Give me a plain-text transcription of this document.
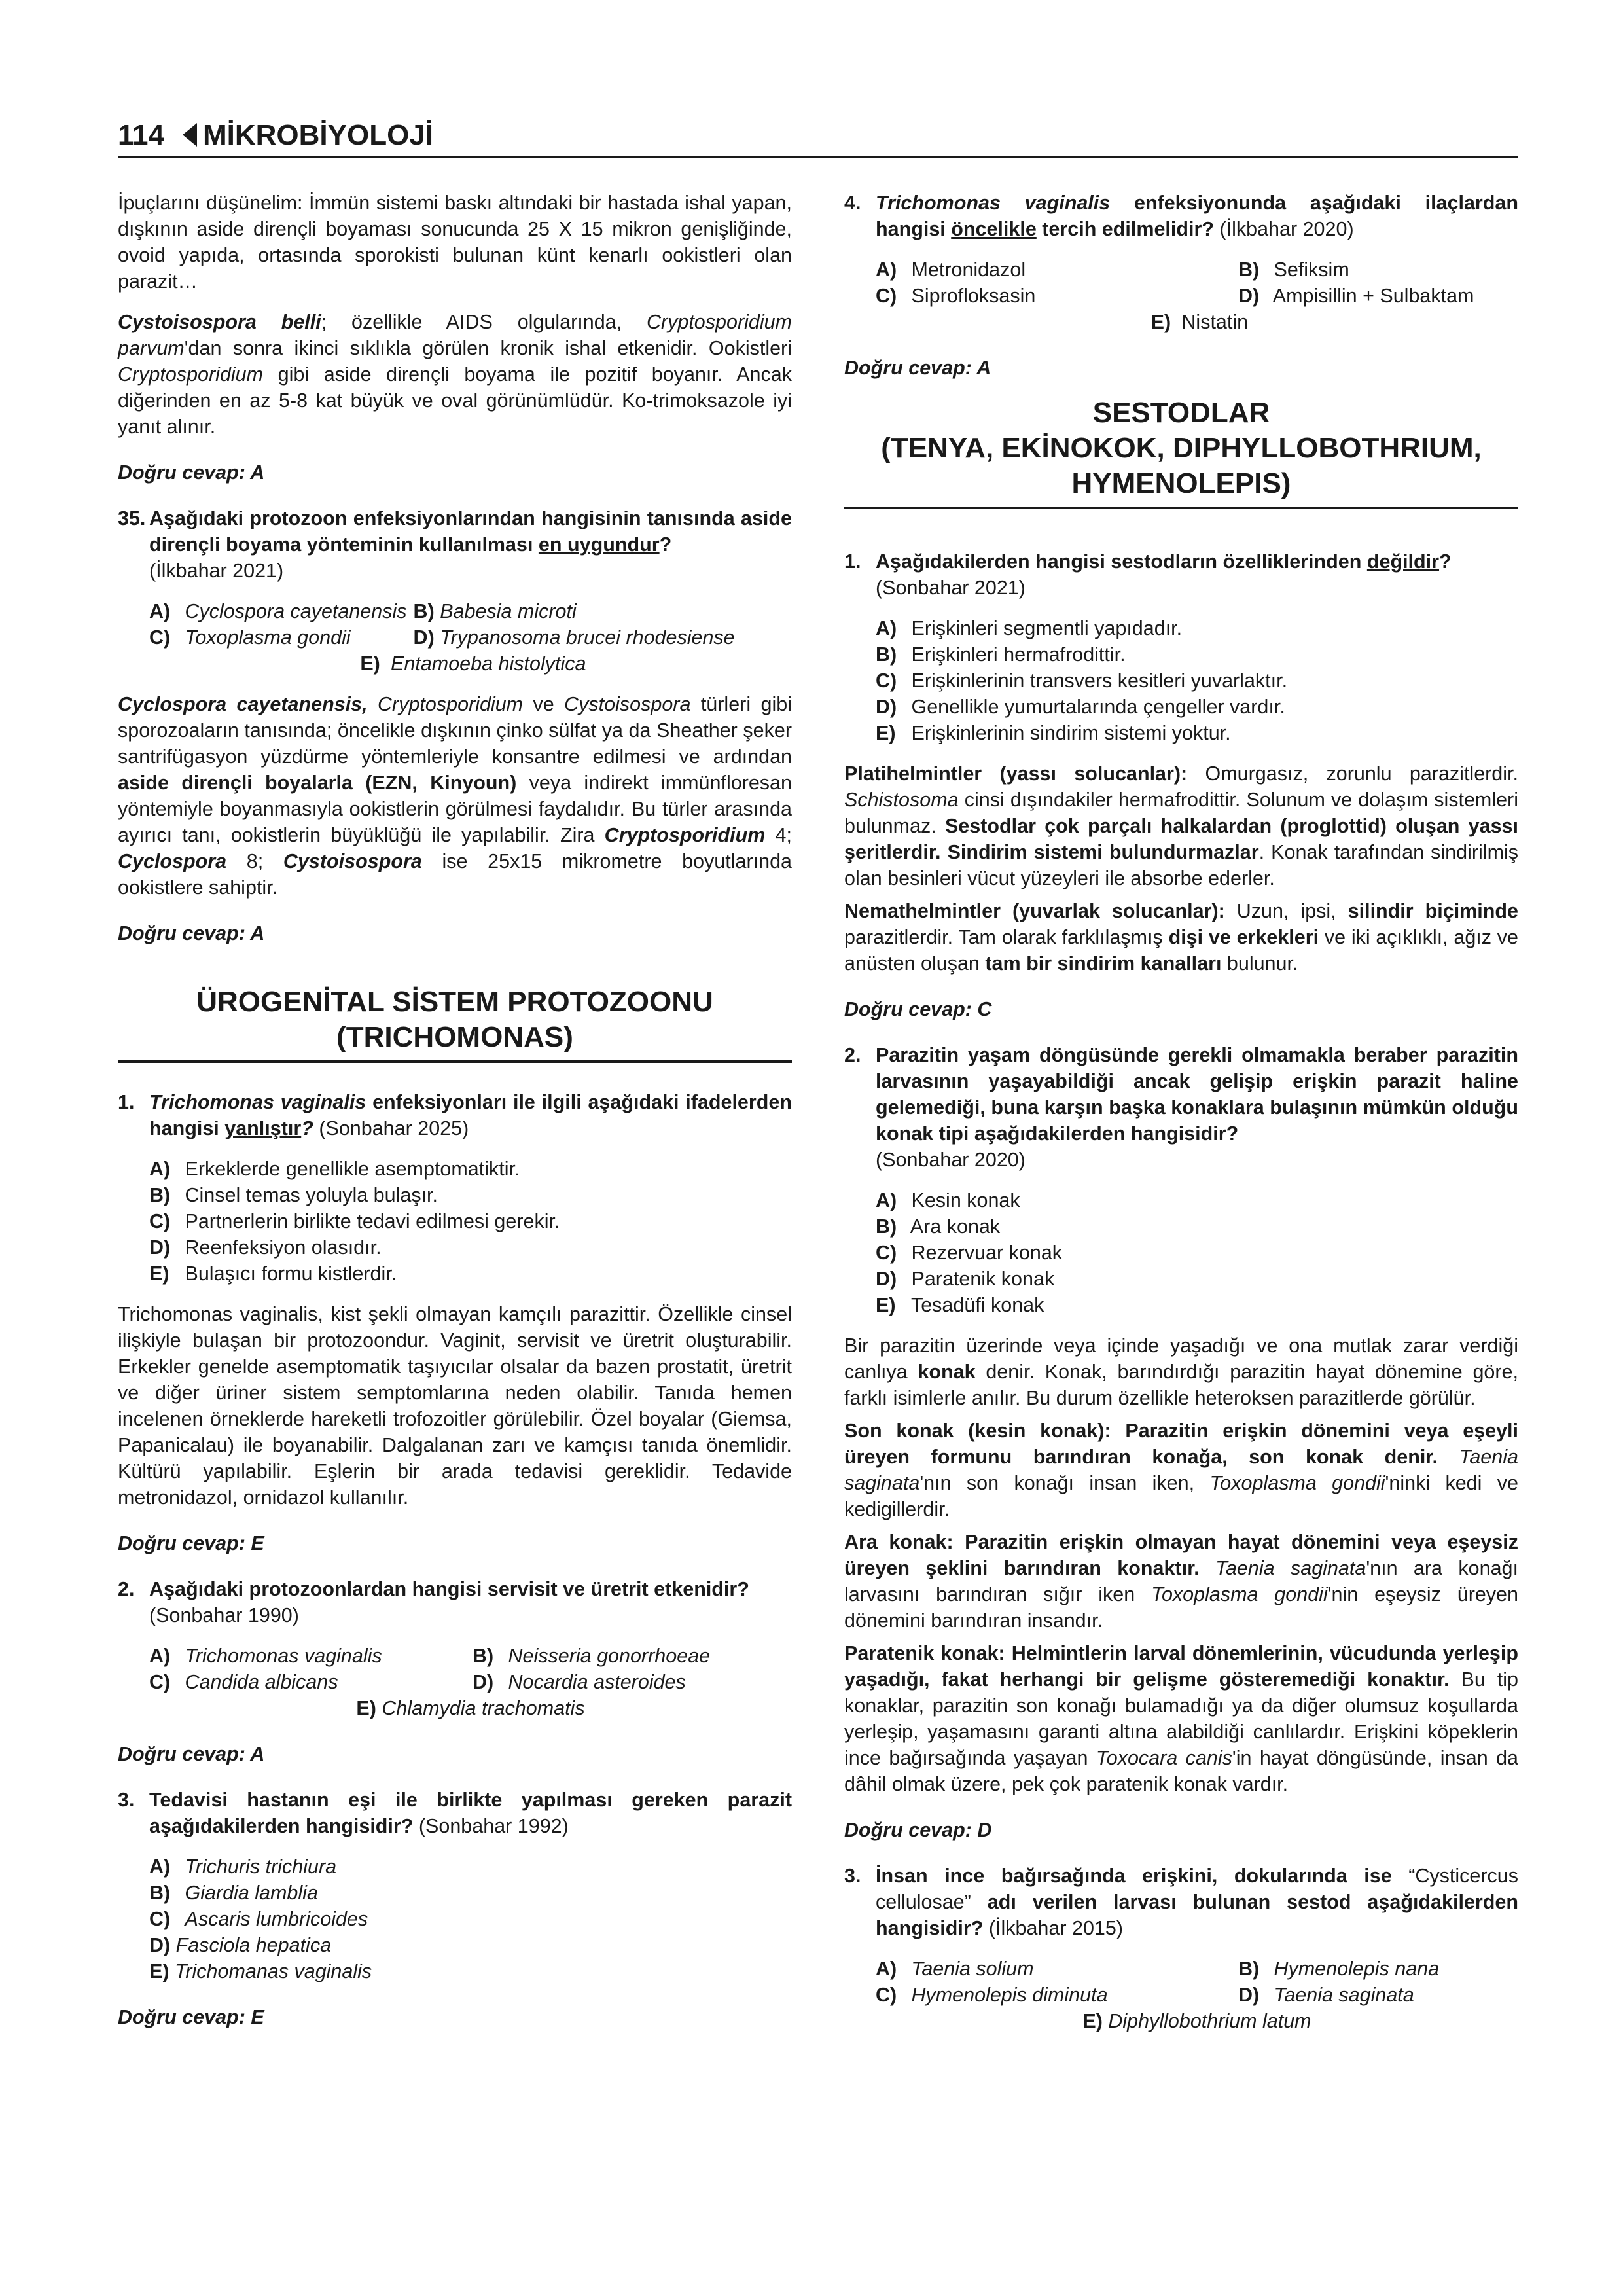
114 MİKROBİYOLOJİ

İpuçlarını düşünelim: İmmün sistemi baskı altındaki bir hastada ishal yapan, dışkının aside dirençli boyaması sonucunda 25 X 15 mikron genişliğinde, ovoid yapıda, ortasında sporokisti bulunan künt kenarlı ookistleri olan parazit…

Cystoisospora belli; özellikle AIDS olgularında, Cryptosporidium parvum'dan sonra ikinci sıklıkla görülen kronik ishal etkenidir. Ookistleri Cryptosporidium gibi aside dirençli boyama ile pozitif boyanır. Ancak diğerinden en az 5-8 kat büyük ve oval görünümlüdür. Ko-trimoksazole iyi yanıt alınır.

Doğru cevap: A

35. Aşağıdaki protozoon enfeksiyonlarından hangisinin tanısında aside dirençli boyama yönteminin kullanılması en uygundur?
(İlkbahar 2021)
A) Cyclospora cayetanensis B) Babesia microti
C) Toxoplasma gondii	D) Trypanosoma brucei rhodesiense
E) Entamoeba histolytica

Cyclospora cayetanensis, Cryptosporidium ve Cystoisospora türleri gibi sporozoaların tanısında; öncelikle dışkının çinko sülfat ya da Sheather şeker santrifügasyon yüzdürme yöntemleriyle konsantre edilmesi ve ardından aside dirençli boyalarla (EZN, Kinyoun) veya indirekt immünfloresan yöntemiyle boyanmasıyla ookistlerin görülmesi faydalıdır. Bu türler arasında ayırıcı tanı, ookistlerin büyüklüğü ile yapılabilir. Zira Cryptosporidium 4; Cyclospora 8; Cystoisospora ise 25x15 mikrometre boyutlarında ookistlere sahiptir.

Doğru cevap: A

ÜROGENİTAL SİSTEM PROTOZOONU
(TRICHOMONAS)
1. Trichomonas vaginalis enfeksiyonları ile ilgili aşağıdaki ifadelerden hangisi yanlıştır? (Sonbahar 2025)
A) Erkeklerde genellikle asemptomatiktir.
B) Cinsel temas yoluyla bulaşır.
C) Partnerlerin birlikte tedavi edilmesi gerekir.
D) Reenfeksiyon olasıdır.
E) Bulaşıcı formu kistlerdir.

Trichomonas vaginalis, kist şekli olmayan kamçılı parazittir. Özellikle cinsel ilişkiyle bulaşan bir protozoondur. Vaginit, servisit ve üretrit oluşturabilir. Erkekler genelde asemptomatik taşıyıcılar olsalar da bazen prostatit, üretrit ve diğer üriner sistem semptomlarına neden olabilir. Tanıda hemen incelenen örneklerde hareketli trofozoitler görülebilir. Özel boyalar (Giemsa, Papanicalau) ile boyanabilir. Dalgalanan zarı ve kamçısı tanıda önemlidir. Kültürü yapılabilir. Eşlerin bir arada tedavisi gereklidir. Tedavide metronidazol, ornidazol kullanılır.

Doğru cevap: E

2. Aşağıdaki protozoonlardan hangisi servisit ve üretrit etkenidir?
(Sonbahar 1990)
A) Trichomonas vaginalis	B) Neisseria gonorrhoeae
C) Candida albicans	D) Nocardia asteroides
E) Chlamydia trachomatis

Doğru cevap: A

3. Tedavisi hastanın eşi ile birlikte yapılması gereken parazit aşağıdakilerden hangisidir? (Sonbahar 1992)
A) Trichuris trichiura
B) Giardia lamblia
C) Ascaris lumbricoides
D) Fasciola hepatica
E) Trichomanas vaginalis

Doğru cevap: E

4. Trichomonas vaginalis enfeksiyonunda aşağıdaki ilaçlardan hangisi öncelikle tercih edilmelidir? (İlkbahar 2020)
A) Metronidazol	B) Sefiksim
C) Siprofloksasin	D) Ampisillin + Sulbaktam
E) Nistatin

Doğru cevap: A

SESTODLAR
(TENYA, EKİNOKOK, DIPHYLLOBOTHRIUM,
HYMENOLEPIS)
1. Aşağıdakilerden hangisi sestodların özelliklerinden değildir?
(Sonbahar 2021)
A) Erişkinleri segmentli yapıdadır.
B) Erişkinleri hermafrodittir.
C) Erişkinlerinin transvers kesitleri yuvarlaktır.
D) Genellikle yumurtalarında çengeller vardır.
E) Erişkinlerinin sindirim sistemi yoktur.

Platihelmintler (yassı solucanlar): Omurgasız, zorunlu parazitlerdir. Schistosoma cinsi dışındakiler hermafrodittir. Solunum ve dolaşım sistemleri bulunmaz. Sestodlar çok parçalı halkalardan (proglottid) oluşan yassı şeritlerdir. Sindirim sistemi bulundurmazlar. Konak tarafından sindirilmiş olan besinleri vücut yüzeyleri ile absorbe ederler.

Nemathelmintler (yuvarlak solucanlar): Uzun, ipsi, silindir biçiminde parazitlerdir. Tam olarak farklılaşmış dişi ve erkekleri ve iki açıklıklı, ağız ve anüsten oluşan tam bir sindirim kanalları bulunur.

Doğru cevap: C

2. Parazitin yaşam döngüsünde gerekli olmamakla beraber parazitin larvasının yaşayabildiği ancak gelişip erişkin parazit haline gelemediği, buna karşın başka konaklara bulaşının mümkün olduğu konak tipi aşağıdakilerden hangisidir?
(Sonbahar 2020)
A) Kesin konak
B) Ara konak
C) Rezervuar konak
D) Paratenik konak
E) Tesadüfi konak

Bir parazitin üzerinde veya içinde yaşadığı ve ona mutlak zarar verdiği canlıya konak denir. Konak, barındırdığı parazitin hayat dönemine göre, farklı isimlerle anılır. Bu durum özellikle heteroksen parazitlerde görülür.

Son konak (kesin konak): Parazitin erişkin dönemini veya eşeyli üreyen formunu barındıran konağa, son konak denir. Taenia saginata'nın son konağı insan iken, Toxoplasma gondii'ninki kedi ve kedigillerdir.

Ara konak: Parazitin erişkin olmayan hayat dönemini veya eşeysiz üreyen şeklini barındıran konaktır. Taenia saginata'nın ara konağı larvasını barındıran sığır iken Toxoplasma gondii'nin eşeysiz üreyen dönemini barındıran insandır.

Paratenik konak: Helmintlerin larval dönemlerinin, vücudunda yerleşip yaşadığı, fakat herhangi bir gelişme gösteremediği konaktır. Bu tip konaklar, parazitin son konağı bulamadığı ya da diğer olumsuz koşullarda yerleşip, yaşamasını garanti altına alabildiği canlılardır. Erişkini köpeklerin ince bağırsağında yaşayan Toxocara canis'in hayat döngüsünde, insan da dâhil olmak üzere, pek çok paratenik konak vardır.

Doğru cevap: D

3. İnsan ince bağırsağında erişkini, dokularında ise “Cysticercus cellulosae” adı verilen larvası bulunan sestod aşağıdakilerden hangisidir? (İlkbahar 2015)
A) Taenia solium	B) Hymenolepis nana
C) Hymenolepis diminuta	D) Taenia saginata
E) Diphyllobothrium latum
